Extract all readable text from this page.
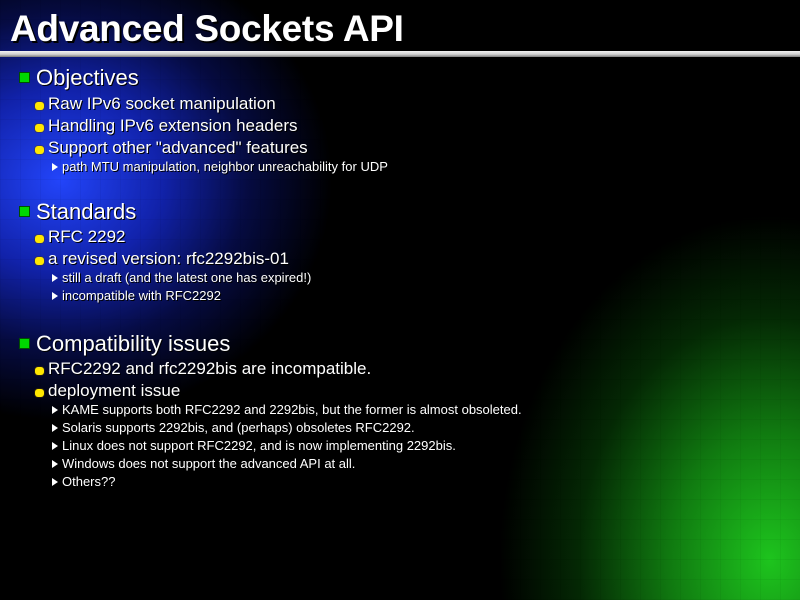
Advanced Sockets API
Objectives
Raw IPv6 socket manipulation
Handling IPv6 extension headers
Support other "advanced" features
path MTU manipulation, neighbor unreachability for UDP
Standards
RFC 2292
a revised version: rfc2292bis-01
still a draft (and the latest one has expired!)
incompatible with RFC2292
Compatibility issues
RFC2292 and rfc2292bis are incompatible.
deployment issue
KAME supports both RFC2292 and 2292bis, but the former is almost obsoleted.
Solaris supports 2292bis, and (perhaps) obsoletes RFC2292.
Linux does not support RFC2292, and is now implementing 2292bis.
Windows does not support the advanced API at all.
Others??
